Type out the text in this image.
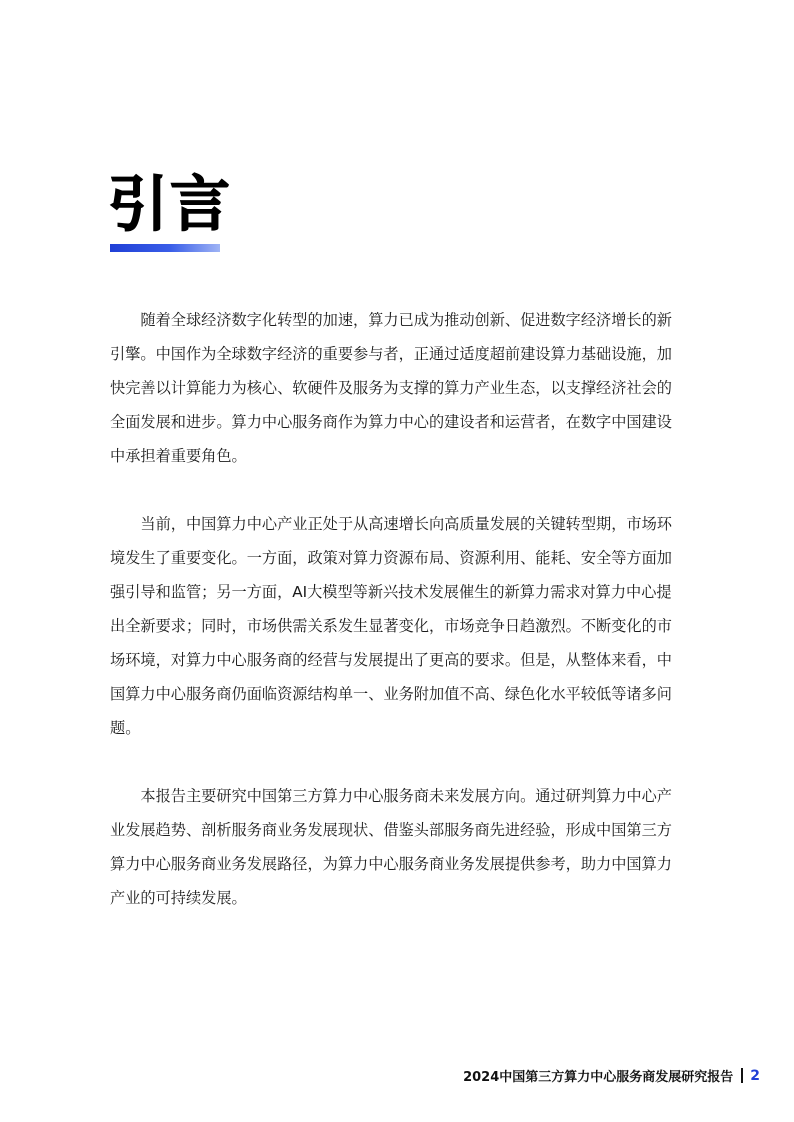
引言

随着全球经济数字化转型的加速，算力已成为推动创新、促进数字经济增长的新引擎。中国作为全球数字经济的重要参与者，正通过适度超前建设算力基础设施，加快完善以计算能力为核心、软硬件及服务为支撑的算力产业生态，以支撑经济社会的全面发展和进步。算力中心服务商作为算力中心的建设者和运营者，在数字中国建设中承担着重要角色。

当前，中国算力中心产业正处于从高速增长向高质量发展的关键转型期，市场环境发生了重要变化。一方面，政策对算力资源布局、资源利用、能耗、安全等方面加强引导和监管；另一方面，AI大模型等新兴技术发展催生的新算力需求对算力中心提出全新要求；同时，市场供需关系发生显著变化，市场竞争日趋激烈。不断变化的市场环境，对算力中心服务商的经营与发展提出了更高的要求。但是，从整体来看，中国算力中心服务商仍面临资源结构单一、业务附加值不高、绿色化水平较低等诸多问题。

本报告主要研究中国第三方算力中心服务商未来发展方向。通过研判算力中心产业发展趋势、剖析服务商业务发展现状、借鉴头部服务商先进经验，形成中国第三方算力中心服务商业务发展路径，为算力中心服务商业务发展提供参考，助力中国算力产业的可持续发展。

2024中国第三方算力中心服务商发展研究报告 2
